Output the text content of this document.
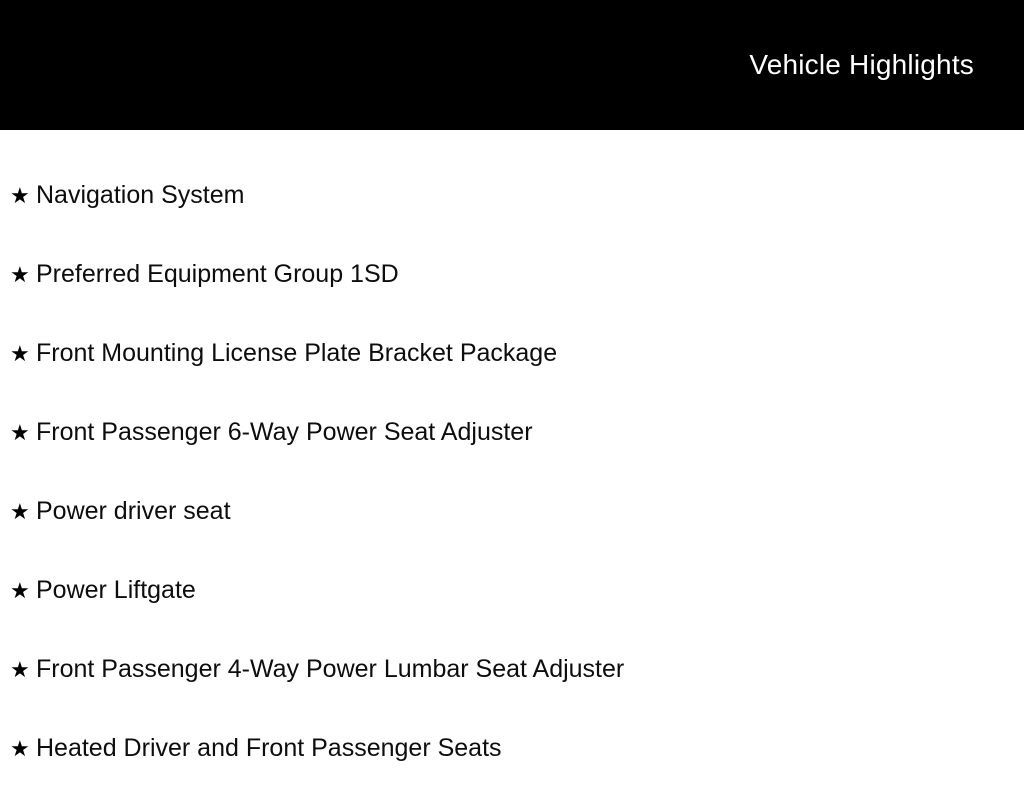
Vehicle Highlights
★ Navigation System
★ Preferred Equipment Group 1SD
★ Front Mounting License Plate Bracket Package
★ Front Passenger 6-Way Power Seat Adjuster
★ Power driver seat
★ Power Liftgate
★ Front Passenger 4-Way Power Lumbar Seat Adjuster
★ Heated Driver and Front Passenger Seats
